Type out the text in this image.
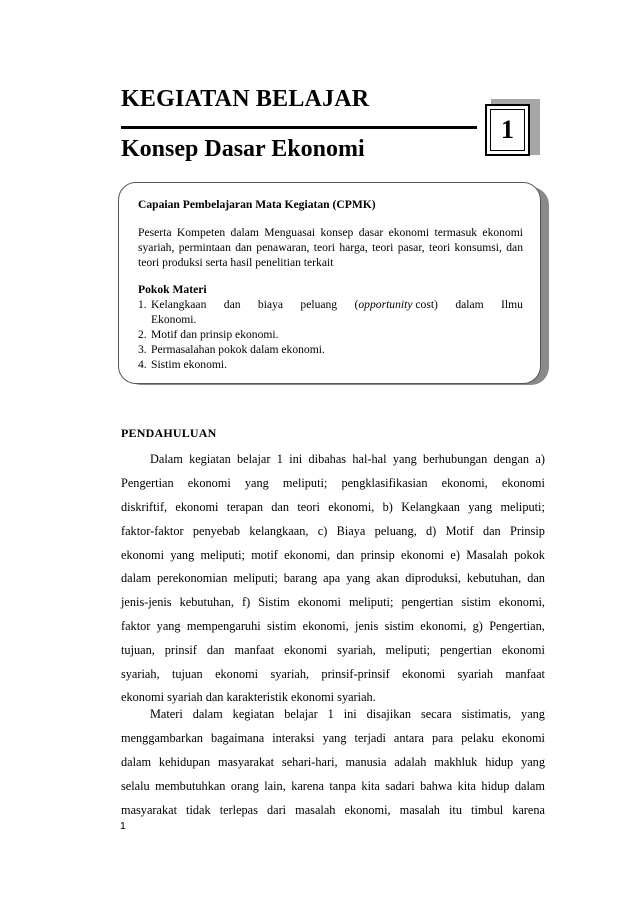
KEGIATAN BELAJAR
Konsep Dasar Ekonomi
1

Capaian Pembelajaran Mata Kegiatan (CPMK)

Peserta Kompeten dalam Menguasai konsep dasar ekonomi termasuk ekonomi syariah, permintaan dan penawaran, teori harga, teori pasar, teori konsumsi, dan teori produksi serta hasil penelitian terkait

Pokok Materi

1. Kelangkaan dan biaya peluang (opportunity cost) dalam Ilmu
Ekonomi.
2. Motif dan prinsip ekonomi.
3. Permasalahan pokok dalam ekonomi.
4. Sistim ekonomi.
PENDAHULUAN
Dalam kegiatan belajar 1 ini dibahas hal-hal yang berhubungan dengan a)
Pengertian ekonomi yang meliputi; pengklasifikasian ekonomi, ekonomi
diskriftif, ekonomi terapan dan teori ekonomi, b) Kelangkaan yang meliputi;
faktor-faktor penyebab kelangkaan, c) Biaya peluang, d) Motif dan Prinsip
ekonomi yang meliputi; motif ekonomi, dan prinsip ekonomi e) Masalah pokok
dalam perekonomian meliputi; barang apa yang akan diproduksi, kebutuhan, dan
jenis-jenis kebutuhan, f) Sistim ekonomi meliputi; pengertian sistim ekonomi,
faktor yang mempengaruhi sistim ekonomi, jenis sistim ekonomi, g) Pengertian,
tujuan, prinsif dan manfaat ekonomi syariah, meliputi; pengertian ekonomi
syariah, tujuan ekonomi syariah, prinsif-prinsif ekonomi syariah manfaat
ekonomi syariah dan karakteristik ekonomi syariah.
Materi dalam kegiatan belajar 1 ini disajikan secara sistimatis, yang
menggambarkan bagaimana interaksi yang terjadi antara para pelaku ekonomi
dalam kehidupan masyarakat sehari-hari, manusia adalah makhluk hidup yang
selalu membutuhkan orang lain, karena tanpa kita sadari bahwa kita hidup dalam
masyarakat tidak terlepas dari masalah ekonomi, masalah itu timbul karena
1
